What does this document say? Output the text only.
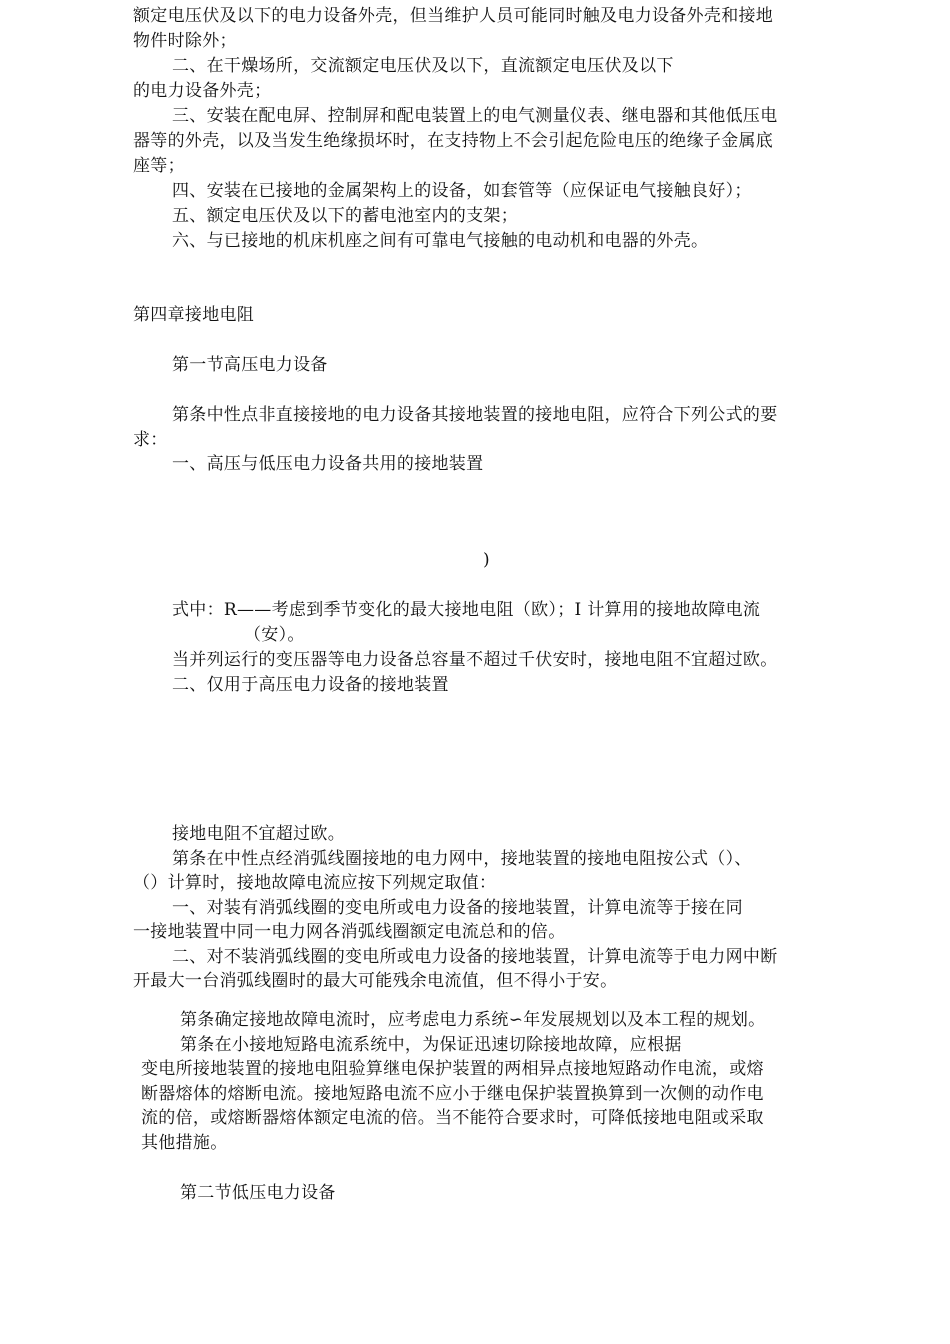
额定电压伏及以下的电力设备外壳，但当维护人员可能同时触及电力设备外壳和接地
物件时除外；
二、在干燥场所，交流额定电压伏及以下，直流额定电压伏及以下
的电力设备外壳；
三、安装在配电屏、控制屏和配电装置上的电气测量仪表、继电器和其他低压电
器等的外壳，以及当发生绝缘损坏时，在支持物上不会引起危险电压的绝缘子金属底
座等；
四、安装在已接地的金属架构上的设备，如套管等（应保证电气接触良好）；
五、额定电压伏及以下的蓄电池室内的支架；
六、与已接地的机床机座之间有可靠电气接触的电动机和电器的外壳。
第四章接地电阻
第一节高压电力设备
第条中性点非直接接地的电力设备其接地装置的接地电阻，应符合下列公式的要
求：
一、高压与低压电力设备共用的接地装置
)
式中：R——考虑到季节变化的最大接地电阻（欧）；I 计算用的接地故障电流
（安）。
当并列运行的变压器等电力设备总容量不超过千伏安时，接地电阻不宜超过欧。
二、仅用于高压电力设备的接地装置
接地电阻不宜超过欧。
第条在中性点经消弧线圈接地的电力网中，接地装置的接地电阻按公式（）、
（）计算时，接地故障电流应按下列规定取值：
一、对装有消弧线圈的变电所或电力设备的接地装置，计算电流等于接在同
一接地装置中同一电力网各消弧线圈额定电流总和的倍。
二、对不装消弧线圈的变电所或电力设备的接地装置，计算电流等于电力网中断
开最大一台消弧线圈时的最大可能残余电流值，但不得小于安。
第条确定接地故障电流时，应考虑电力系统∽年发展规划以及本工程的规划。
第条在小接地短路电流系统中，为保证迅速切除接地故障，应根据
变电所接地装置的接地电阻验算继电保护装置的两相异点接地短路动作电流，或熔
断器熔体的熔断电流。接地短路电流不应小于继电保护装置换算到一次侧的动作电
流的倍，或熔断器熔体额定电流的倍。当不能符合要求时，可降低接地电阻或采取
其他措施。
第二节低压电力设备
